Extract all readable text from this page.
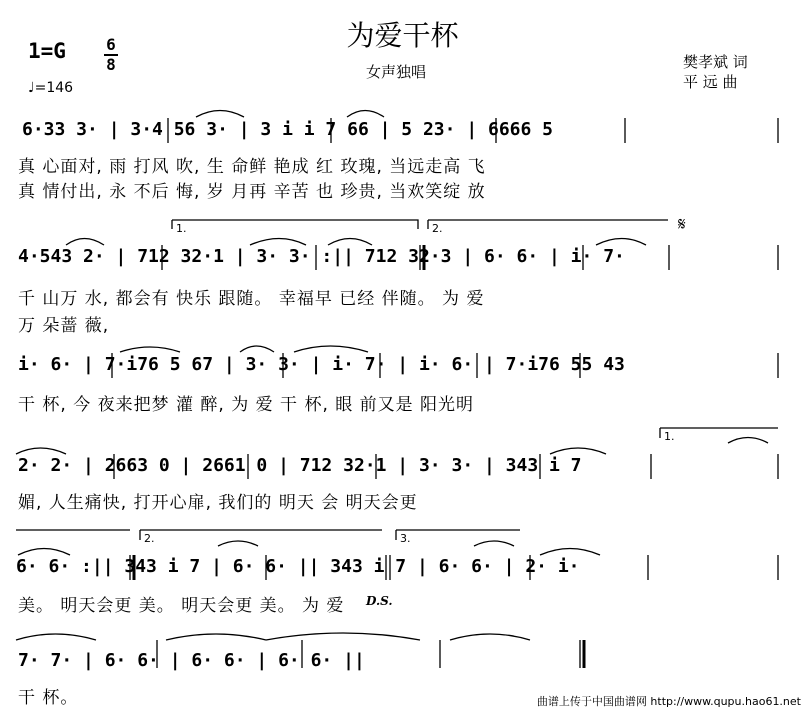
为爱干杯
女声独唱
1=G	6
8
♩=146
樊孝斌 词
平 远 曲
6·33 3· | 3·4 56 3· | 3 i i 7 66 | 5 23· | 6666 5
真 心面对, 雨 打风 吹, 生 命鲜 艳成 红 玫瑰, 当远走高 飞
真 情付出, 永 不后 悔, 岁 月再 辛苦 也 珍贵, 当欢笑绽 放
1.	2.	𝄋
4·543 2· | 712 32·1 | 3· 3· :|| 712 32·3 | 6· 6· | i· 7·
千 山万 水, 都会有 快乐 跟随。 幸福早 已经 伴随。 为 爱
万 朵蔷 薇,
i· 6· | 7·i76 5 67 | 3· 3· | i· 7· | i· 6· | 7·i76 55 43
干 杯, 今 夜来把梦 灌 醉, 为 爱 干 杯, 眼 前又是 阳光明
1.
2· 2· | 2663 0 | 2661 0 | 712 32·1 | 3· 3· | 343 i 7
媚, 人生痛快, 打开心扉, 我们的 明天 会 明天会更
2.	3.
6· 6· :|| 343 i 7 | 6· 6· || 343 i 7 | 6· 6· | 2· i·
美。 明天会更 美。 明天会更 美。 为 爱 D.S.
7· 7· | 6· 6· | 6· 6· | 6· 6· ||
干 杯。	曲谱上传于中国曲谱网 http://www.qupu.hao61.net
